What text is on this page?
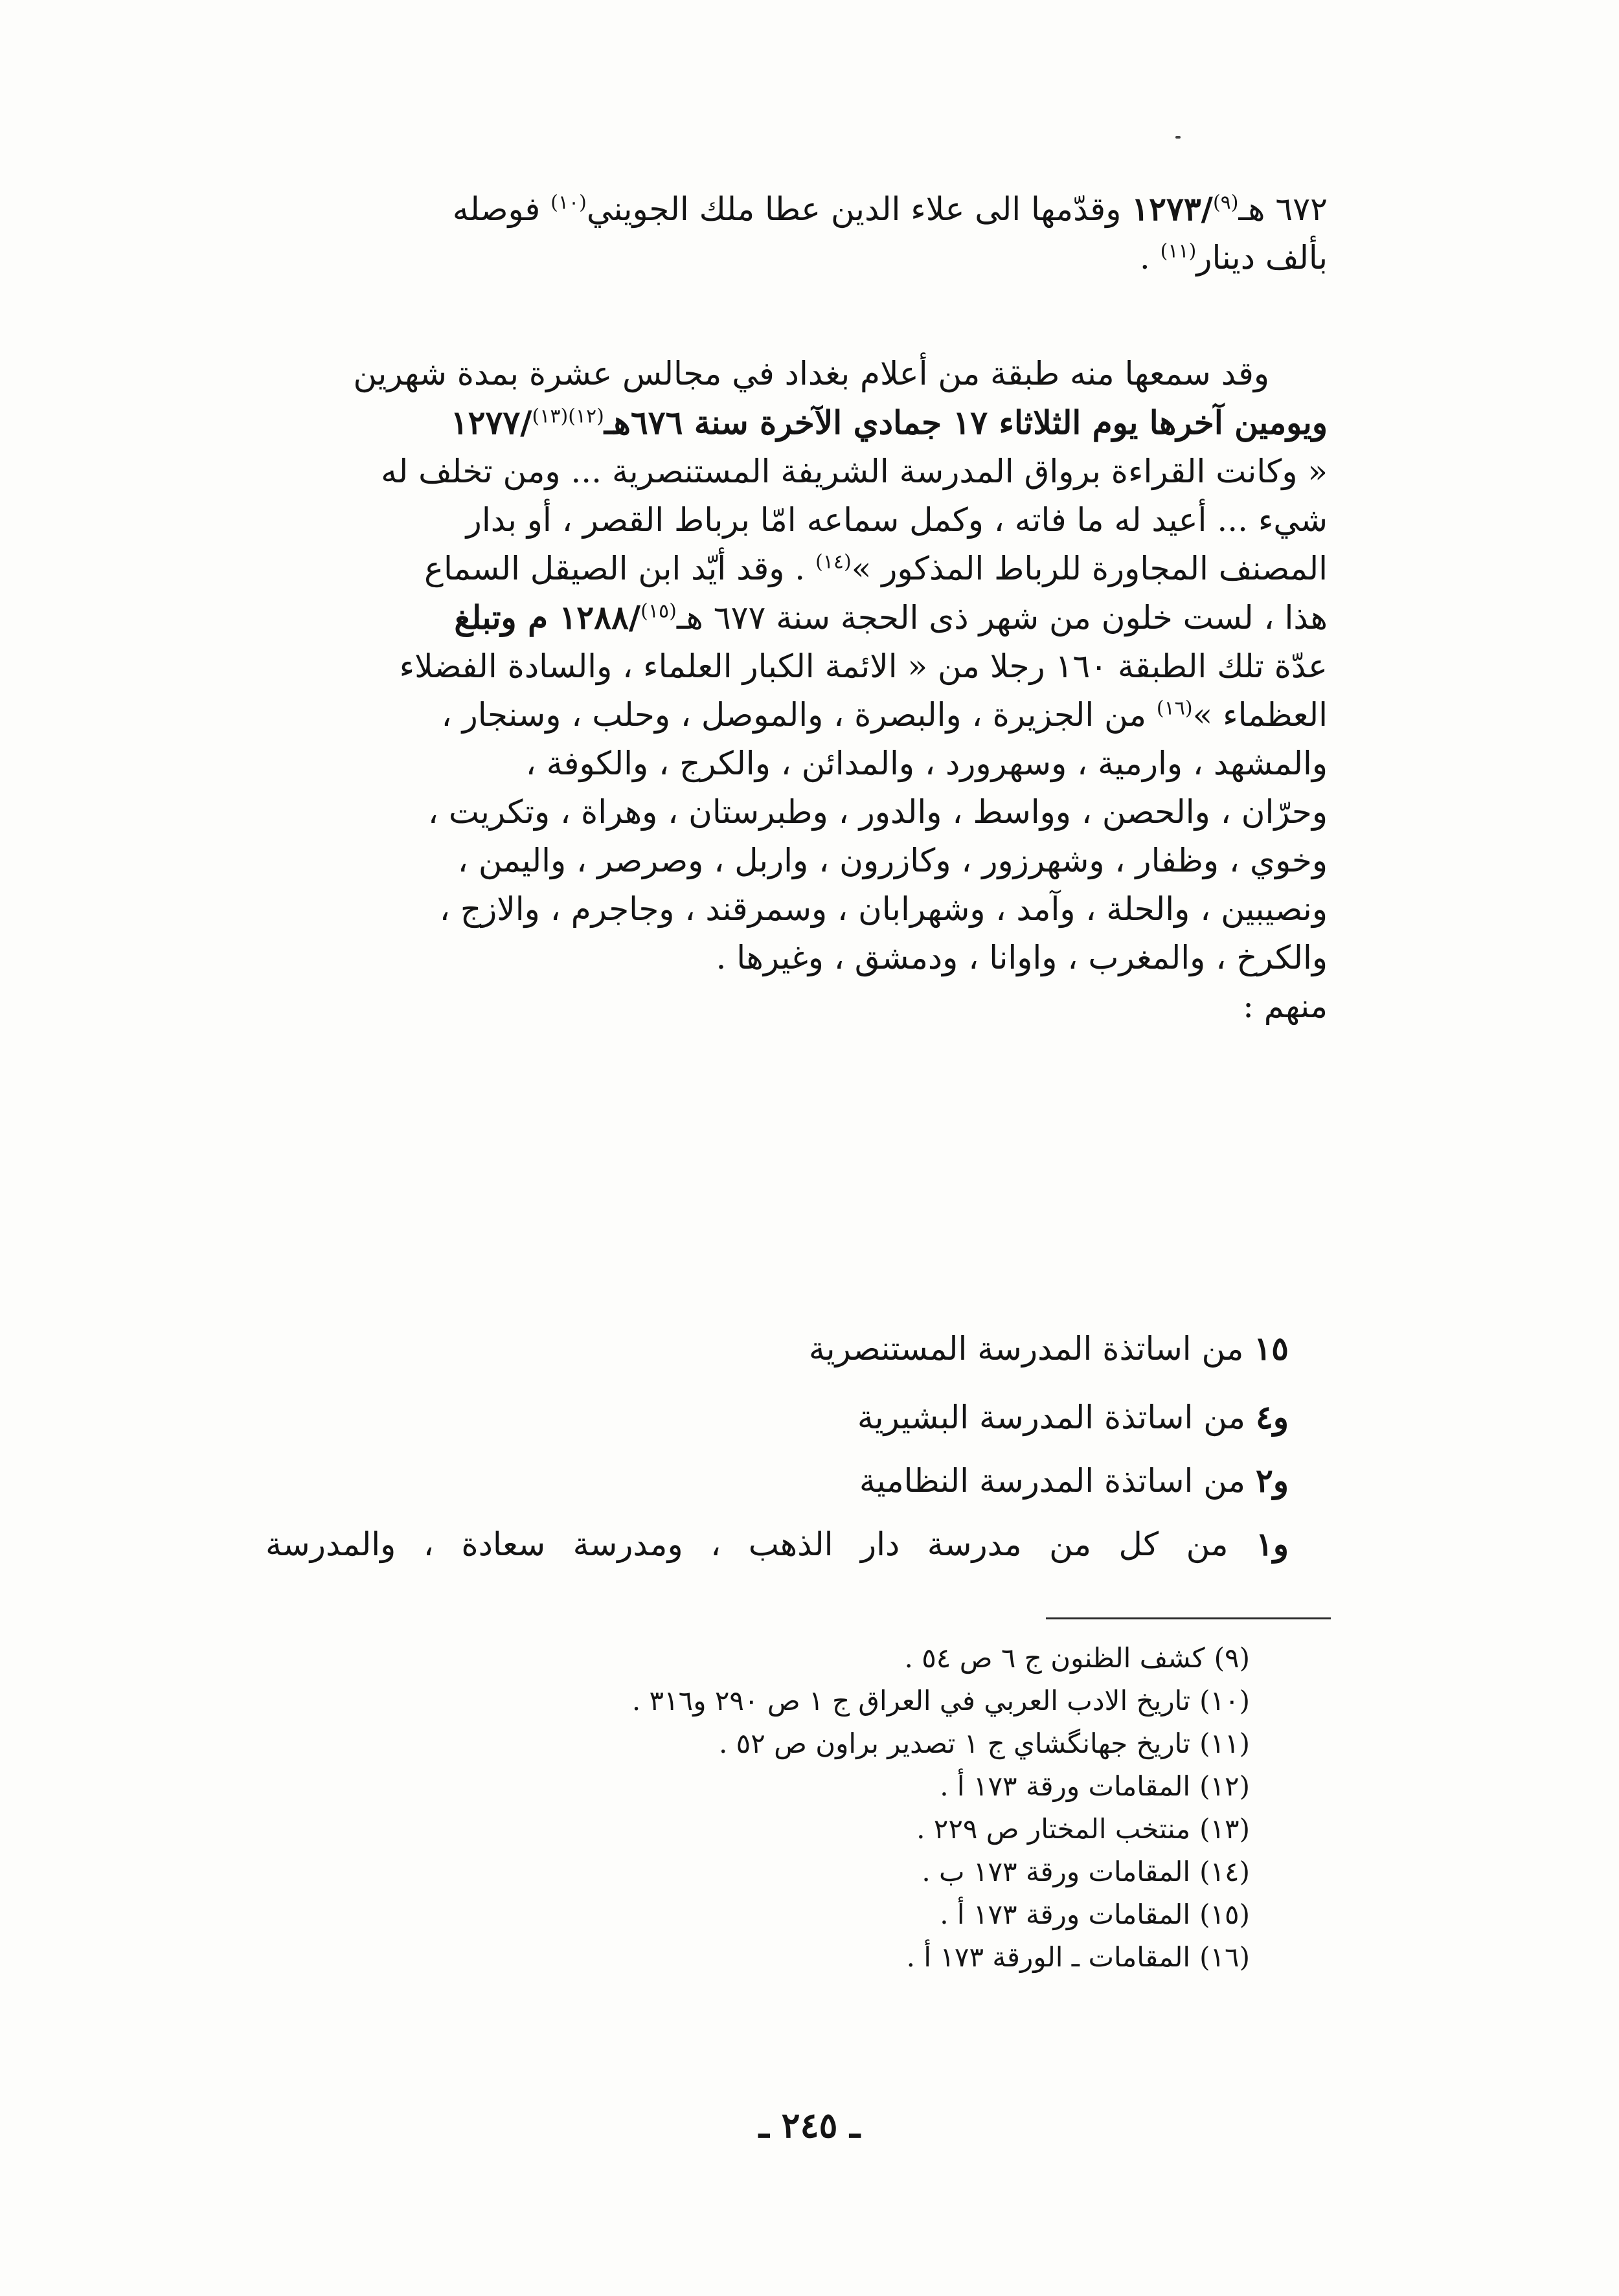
٦٧٢ هـ$^{(٩)}$/١٢٧٣ وقدّمها الى علاء الدين عطا ملك الجويني$^{(١٠)}$ فوصله

بألف دينار$^{(١١)}$ .

وقد سمعها منه طبقة من أعلام بغداد في مجالس عشرة بمدة شهرين

ويومين آخرها يوم الثلاثاء ١٧ جمادي الآخرة سنة ٦٧٦هـ$^{(١٢)(١٣)}$/١٢٧٧

« وكانت القراءة برواق المدرسة الشريفة المستنصرية ... ومن تخلف له

شيء ... أعيد له ما فاته ، وكمل سماعه امّا برباط القصر ، أو بدار

المصنف المجاورة للرباط المذكور »$^{(١٤)}$ . وقد أيّد ابن الصيقل السماع

هذا ، لست خلون من شهر ذى الحجة سنة ٦٧٧ هـ$^{(١٥)}$/١٢٨٨ م وتبلغ

عدّة تلك الطبقة ١٦٠ رجلا من « الائمة الكبار العلماء ، والسادة الفضلاء

العظماء »$^{(١٦)}$ من الجزيرة ، والبصرة ، والموصل ، وحلب ، وسنجار ،

والمشهد ، وارمية ، وسهرورد ، والمدائن ، والكرج ، والكوفة ،

وحرّان ، والحصن ، وواسط ، والدور ، وطبرستان ، وهراة ، وتكريت ،

وخوي ، وظفار ، وشهرزور ، وكازرون ، واربل ، وصرصر ، واليمن ،

ونصيبين ، والحلة ، وآمد ، وشهرابان ، وسمرقند ، وجاجرم ، والازج ،

والكرخ ، والمغرب ، واوانا ، ودمشق ، وغيرها .

منهم :

١٥ من اساتذة المدرسة المستنصرية

و٤ من اساتذة المدرسة البشيرية

و٢ من اساتذة المدرسة النظامية

و١ من كل من مدرسة دار الذهب ، ومدرسة سعادة ، والمدرسة

(٩)كشف الظنون ج ٦ ص ٥٤ .

(١٠)تاريخ الادب العربي في العراق ج ١ ص ٢٩٠ و٣١٦ .

(١١)تاريخ جهانگشاي ج ١ تصدير براون ص ٥٢ .

(١٢)المقامات ورقة ١٧٣ أ .

(١٣)منتخب المختار ص ٢٢٩ .

(١٤)المقامات ورقة ١٧٣ ب .

(١٥)المقامات ورقة ١٧٣ أ .

(١٦)المقامات ـ الورقة ١٧٣ أ .

ـ ٢٤٥ ـ
